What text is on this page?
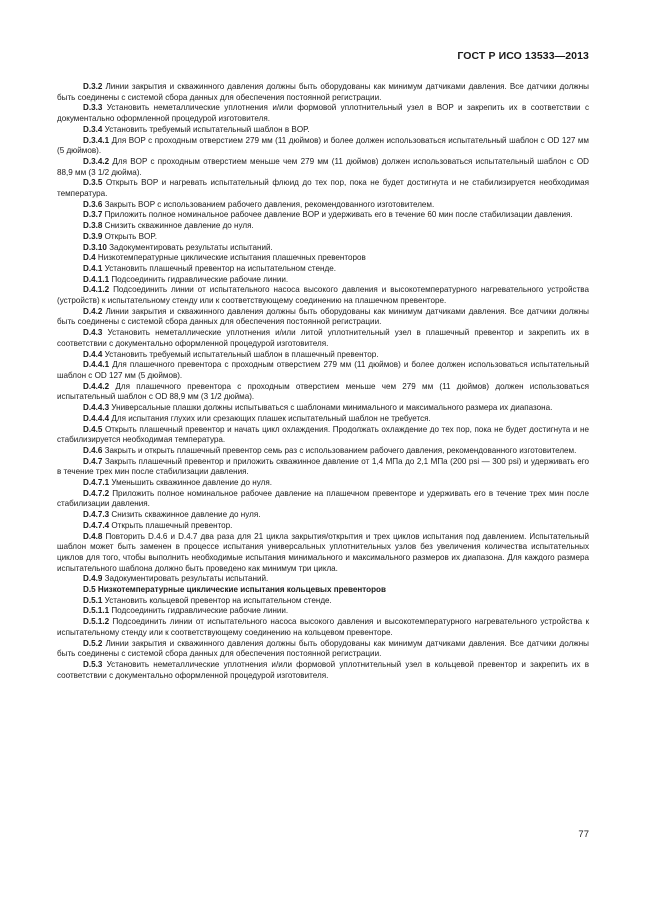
ГОСТ Р ИСО 13533—2013

D.3.2 Линии закрытия и скважинного давления должны быть оборудованы как минимум датчиками давления. Все датчики должны быть соединены с системой сбора данных для обеспечения постоянной регистрации.

D.3.3 Установить неметаллические уплотнения и/или формовой уплотнительный узел в BOP и закрепить их в соответствии с документально оформленной процедурой изготовителя.

D.3.4 Установить требуемый испытательный шаблон в BOP.

D.3.4.1 Для BOP с проходным отверстием 279 мм (11 дюймов) и более должен использоваться испытательный шаблон с OD 127 мм (5 дюймов).

D.3.4.2 Для BOP с проходным отверстием меньше чем 279 мм (11 дюймов) должен использоваться испытательный шаблон с OD 88,9 мм (3 1/2 дюйма).

D.3.5 Открыть BOP и нагревать испытательный флюид до тех пор, пока не будет достигнута и не стабилизируется необходимая температура.

D.3.6 Закрыть BOP с использованием рабочего давления, рекомендованного изготовителем.

D.3.7 Приложить полное номинальное рабочее давление BOP и удерживать его в течение 60 мин после стабилизации давления.

D.3.8 Снизить скважинное давление до нуля.

D.3.9 Открыть BOP.

D.3.10 Задокументировать результаты испытаний.

D.4 Низкотемпературные циклические испытания плашечных превенторов

D.4.1 Установить плашечный превентор на испытательном стенде.

D.4.1.1 Подсоединить гидравлические рабочие линии.

D.4.1.2 Подсоединить линии от испытательного насоса высокого давления и высокотемпературного нагревательного устройства (устройств) к испытательному стенду или к соответствующему соединению на плашечном превенторе.

D.4.2 Линии закрытия и скважинного давления должны быть оборудованы как минимум датчиками давления. Все датчики должны быть соединены с системой сбора данных для обеспечения постоянной регистрации.

D.4.3 Установить неметаллические уплотнения и/или литой уплотнительный узел в плашечный превентор и закрепить их в соответствии с документально оформленной процедурой изготовителя.

D.4.4 Установить требуемый испытательный шаблон в плашечный превентор.

D.4.4.1 Для плашечного превентора с проходным отверстием 279 мм (11 дюймов) и более должен использоваться испытательный шаблон с OD 127 мм (5 дюймов).

D.4.4.2 Для плашечного превентора с проходным отверстием меньше чем 279 мм (11 дюймов) должен использоваться испытательный шаблон с OD 88,9 мм (3 1/2 дюйма).

D.4.4.3 Универсальные плашки должны испытываться с шаблонами минимального и максимального размера их диапазона.

D.4.4.4 Для испытания глухих или срезающих плашек испытательный шаблон не требуется.

D.4.5 Открыть плашечный превентор и начать цикл охлаждения. Продолжать охлаждение до тех пор, пока не будет достигнута и не стабилизируется необходимая температура.

D.4.6 Закрыть и открыть плашечный превентор семь раз с использованием рабочего давления, рекомендованного изготовителем.

D.4.7 Закрыть плашечный превентор и приложить скважинное давление от 1,4 МПа до 2,1 МПа (200 psi — 300 psi) и удерживать его в течение трех мин после стабилизации давления.

D.4.7.1 Уменьшить скважинное давление до нуля.

D.4.7.2 Приложить полное номинальное рабочее давление на плашечном превенторе и удерживать его в течение трех мин после стабилизации давления.

D.4.7.3 Снизить скважинное давление до нуля.

D.4.7.4 Открыть плашечный превентор.

D.4.8 Повторить D.4.6 и D.4.7 два раза для 21 цикла закрытия/открытия и трех циклов испытания под давлением. Испытательный шаблон может быть заменен в процессе испытания универсальных уплотнительных узлов без увеличения количества испытательных циклов для того, чтобы выполнить необходимые испытания минимального и максимального размеров их диапазона. Для каждого размера испытательного шаблона должно быть проведено как минимум три цикла.

D.4.9 Задокументировать результаты испытаний.

D.5 Низкотемпературные циклические испытания кольцевых превенторов

D.5.1 Установить кольцевой превентор на испытательном стенде.

D.5.1.1 Подсоединить гидравлические рабочие линии.

D.5.1.2 Подсоединить линии от испытательного насоса высокого давления и высокотемпературного нагревательного устройства к испытательному стенду или к соответствующему соединению на кольцевом превенторе.

D.5.2 Линии закрытия и скважинного давления должны быть оборудованы как минимум датчиками давления. Все датчики должны быть соединены с системой сбора данных для обеспечения постоянной регистрации.

D.5.3 Установить неметаллические уплотнения и/или формовой уплотнительный узел в кольцевой превентор и закрепить их в соответствии с документально оформленной процедурой изготовителя.

77
